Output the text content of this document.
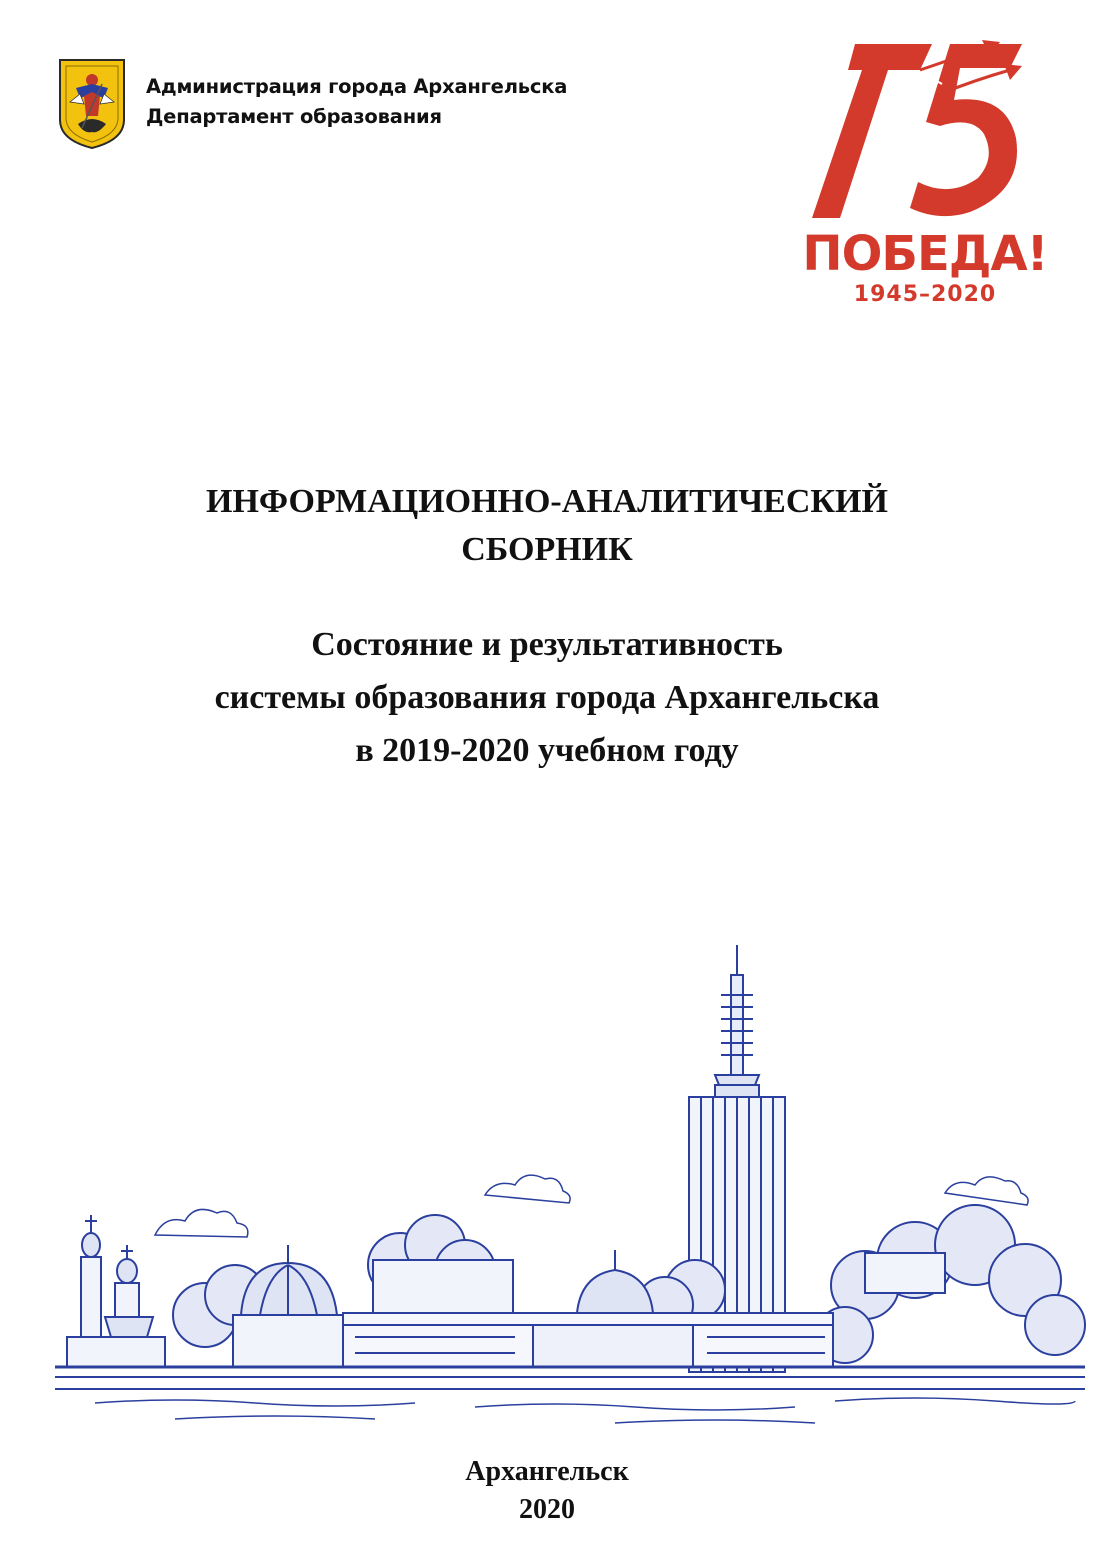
Администрация города Архангельска
Департамент образования
ПОБЕДА!
1945–2020
ИНФОРМАЦИОННО-АНАЛИТИЧЕСКИЙ
СБОРНИК
Состояние и результативность
системы образования города Архангельска
в 2019-2020 учебном году
Архангельск
2020
